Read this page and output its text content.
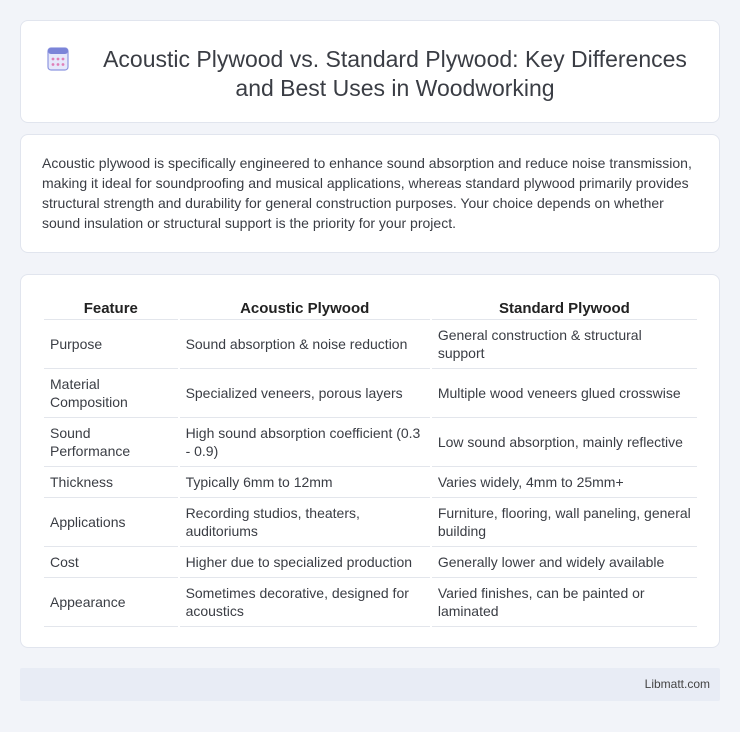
Acoustic Plywood vs. Standard Plywood: Key Differences and Best Uses in Woodworking

Acoustic plywood is specifically engineered to enhance sound absorption and reduce noise transmission, making it ideal for soundproofing and musical applications, whereas standard plywood primarily provides structural strength and durability for general construction purposes. Your choice depends on whether sound insulation or structural support is the priority for your project.

Feature	Acoustic Plywood	Standard Plywood
Purpose	Sound absorption & noise reduction	General construction & structural support
Material Composition	Specialized veneers, porous layers	Multiple wood veneers glued crosswise
Sound Performance	High sound absorption coefficient (0.3 - 0.9)	Low sound absorption, mainly reflective
Thickness	Typically 6mm to 12mm	Varies widely, 4mm to 25mm+
Applications	Recording studios, theaters, auditoriums	Furniture, flooring, wall paneling, general building
Cost	Higher due to specialized production	Generally lower and widely available
Appearance	Sometimes decorative, designed for acoustics	Varied finishes, can be painted or laminated
Libmatt.com
